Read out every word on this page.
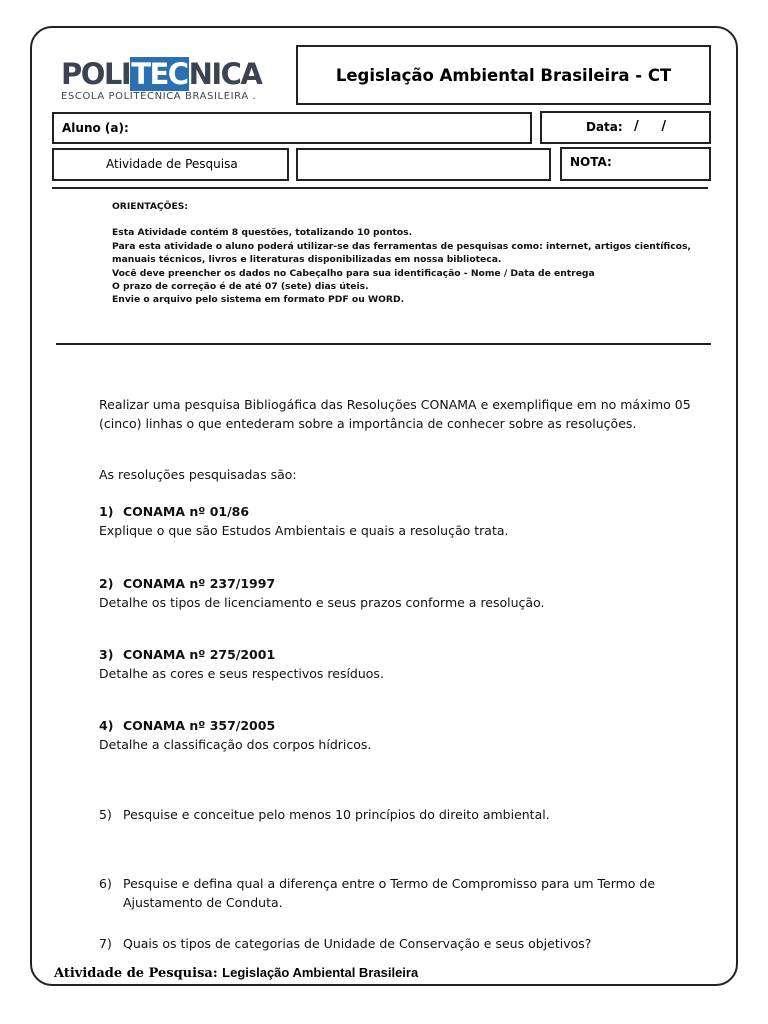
POLITECNICA
ESCOLA POLITÉCNICA BRASILEIRA .
Legislação Ambiental Brasileira - CT
Aluno (a):	Data: /     /
Atividade de Pesquisa	NOTA:
ORIENTAÇÕES:
Esta Atividade contém 8 questões, totalizando 10 pontos.
Para esta atividade o aluno poderá utilizar-se das ferramentas de pesquisas como: internet, artigos científicos,
manuais técnicos, livros e literaturas disponibilizadas em nossa biblioteca.
Você deve preencher os dados no Cabeçalho para sua identificação - Nome / Data de entrega
O prazo de correção é de até 07 (sete) dias úteis.
Envie o arquivo pelo sistema em formato PDF ou WORD.
Realizar uma pesquisa Bibliogáfica das Resoluções CONAMA e exemplifique em no máximo 05
(cinco) linhas o que entederam sobre a importância de conhecer sobre as resoluções.
As resoluções pesquisadas são:
1) CONAMA nº 01/86
Explique o que são Estudos Ambientais e quais a resolução trata.
2) CONAMA nº 237/1997
Detalhe os tipos de licenciamento e seus prazos conforme a resolução.
3) CONAMA nº 275/2001
Detalhe as cores e seus respectivos resíduos.
4) CONAMA nº 357/2005
Detalhe a classificação dos corpos hídricos.
5) Pesquise e conceitue pelo menos 10 princípios do direito ambiental.
6) Pesquise e defina qual a diferença entre o Termo de Compromisso para um Termo de
Ajustamento de Conduta.
7) Quais os tipos de categorias de Unidade de Conservação e seus objetivos?
Atividade de Pesquisa: Legislação Ambiental Brasileira
